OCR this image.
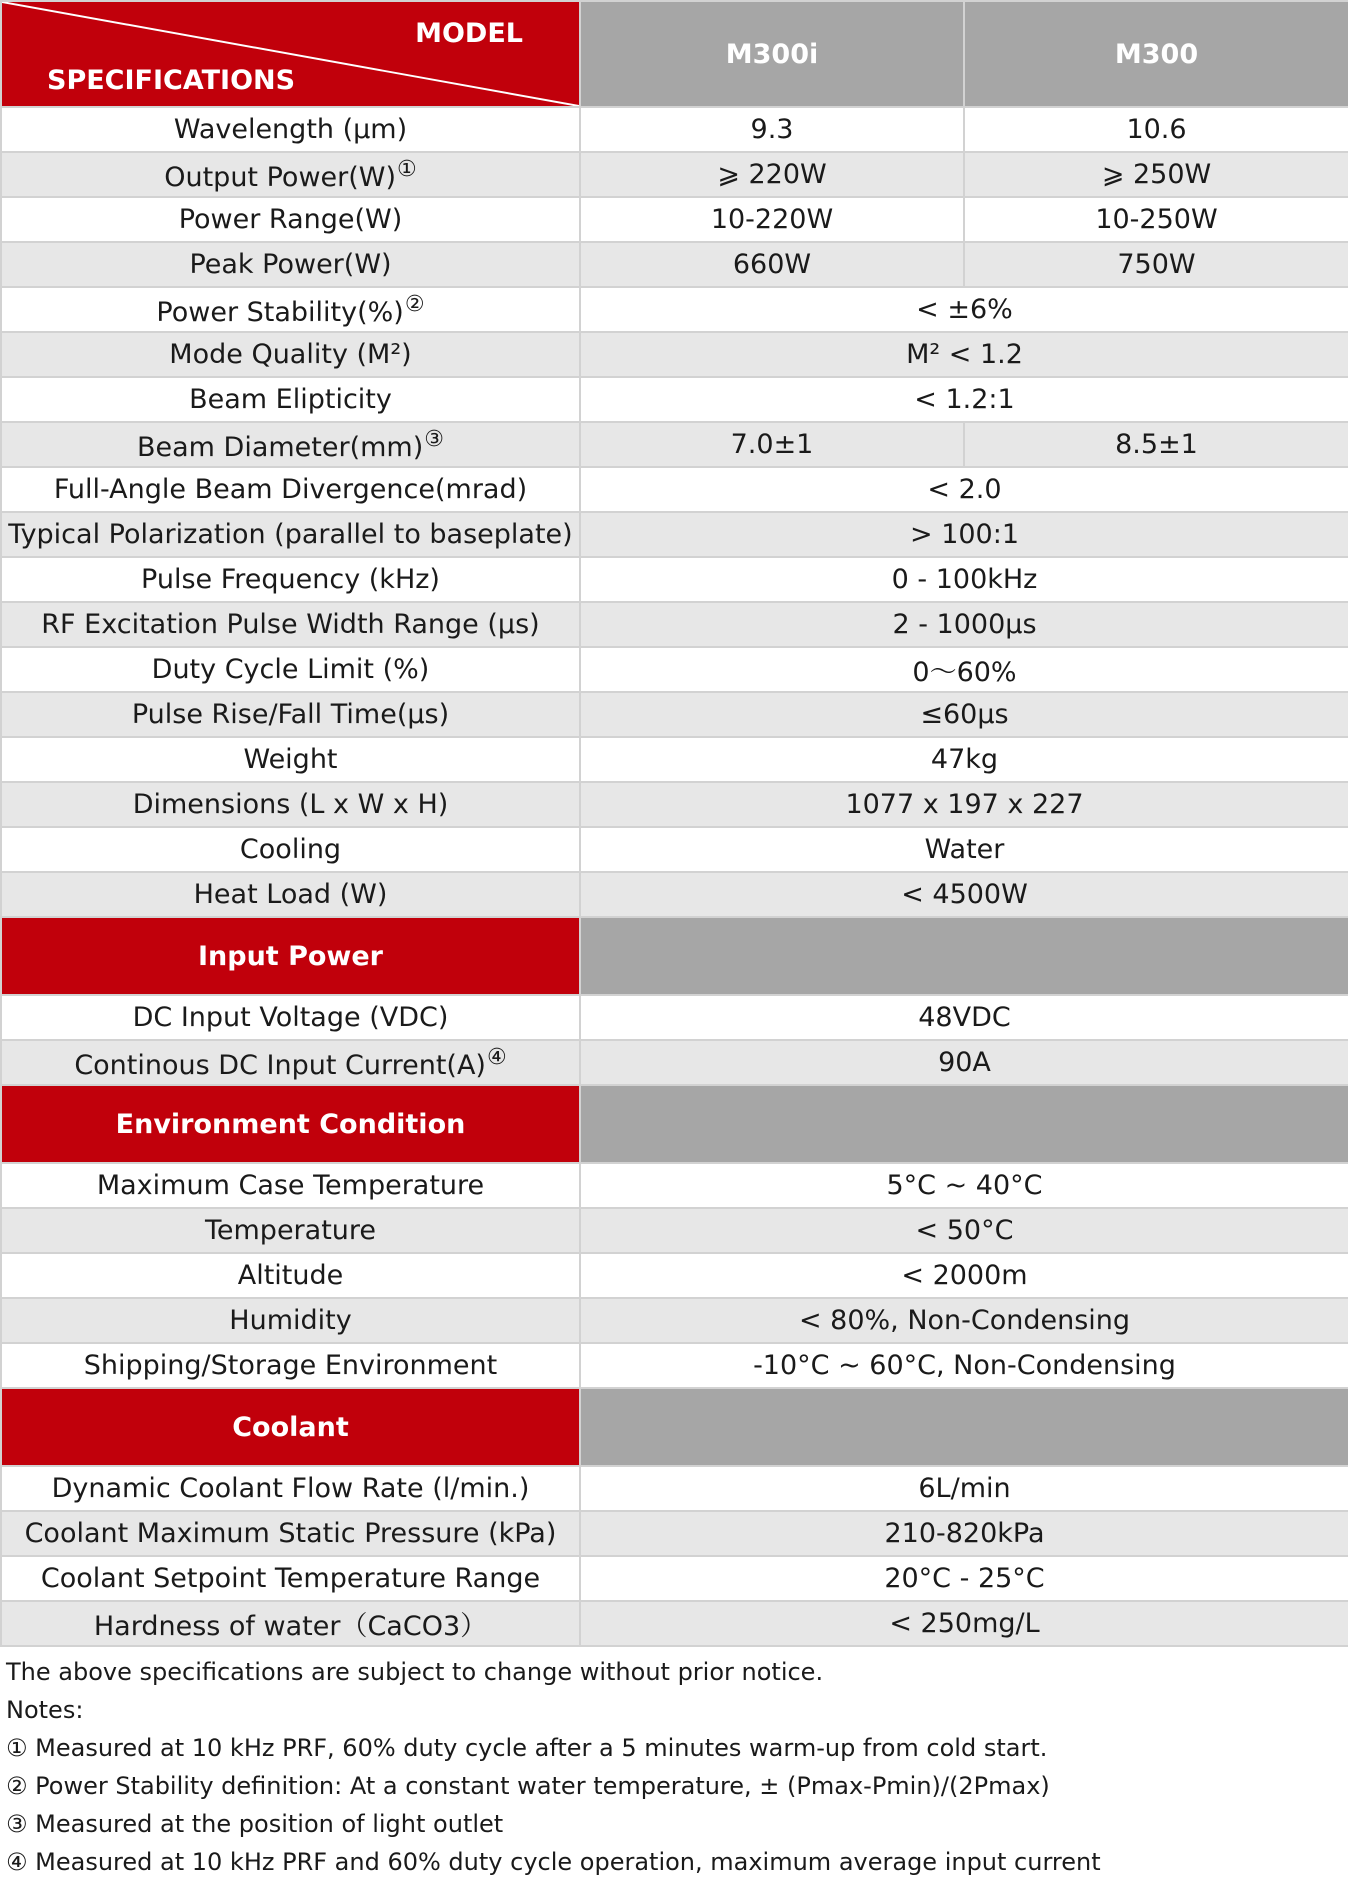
MODEL
SPECIFICATIONS	M300i	M300
Wavelength (μm)	9.3	10.6
Output Power(W)①	⩾ 220W	⩾ 250W
Power Range(W)	10-220W	10-250W
Peak Power(W)	660W	750W
Power Stability(%)②	< ±6%	
Mode Quality (M²)	M² < 1.2	
Beam Elipticity	< 1.2:1	
Beam Diameter(mm)③	7.0±1	8.5±1
Full-Angle Beam Divergence(mrad)	< 2.0	
Typical Polarization (parallel to baseplate)	> 100:1	
Pulse Frequency (kHz)	0 - 100kHz	
RF Excitation Pulse Width Range (μs)	2 - 1000μs	
Duty Cycle Limit (%)	0～60%	
Pulse Rise/Fall Time(μs)	≤60μs	
Weight	47kg	
Dimensions (L x W x H)	1077 x 197 x 227	
Cooling	Water	
Heat Load (W)	< 4500W	
Input Power		
DC Input Voltage (VDC)	48VDC	
Continous DC Input Current(A)④	90A	
Environment Condition		
Maximum Case Temperature	5°C ~ 40°C	
Temperature	< 50°C	
Altitude	< 2000m	
Humidity	< 80%, Non-Condensing	
Shipping/Storage Environment	-10°C ~ 60°C, Non-Condensing	
Coolant		
Dynamic Coolant Flow Rate (l/min.)	6L/min	
Coolant Maximum Static Pressure (kPa)	210-820kPa	
Coolant Setpoint Temperature Range	20°C - 25°C	
Hardness of water（CaCO3）	< 250mg/L	

The above specifications are subject to change without prior notice.

Notes:

① Measured at 10 kHz PRF, 60% duty cycle after a 5 minutes warm-up from cold start.

② Power Stability definition: At a constant water temperature, ± (Pmax-Pmin)/(2Pmax)

③ Measured at the position of light outlet

④ Measured at 10 kHz PRF and 60% duty cycle operation, maximum average input current
